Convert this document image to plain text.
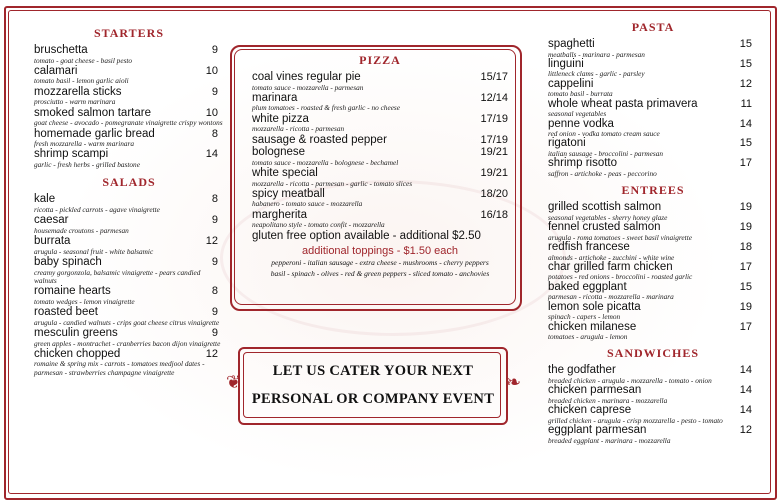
STARTERS
bruschetta	9
tomato - goat cheese - basil pesto
calamari	10
tomato basil - lemon garlic aioli
mozzarella sticks	9
prosciutto - warm marinara
smoked salmon tartare	10
goat cheese - avocado - pomegranate vinaigrette crispy wontons
homemade garlic bread	8
fresh mozzarella - warm marinara
shrimp scampi	14
garlic - fresh herbs - grilled bastone
SALADS
kale	8
ricotta - pickled carrots - agave vinaigrette
caesar	9
housemade croutons - parmesan
burrata	12
arugula - seasonal fruit - white balsamic
baby spinach	9
creamy gorgonzola, balsamic vinaigrette - pears candied walnuts
romaine hearts	8
tomato wedges - lemon vinaigrette
roasted beet	9
arugula - candied walnuts - crips goat cheese citrus vinaigrette
mesculin greens	9
green apples - montrachet - cranberries bacon dijon vinaigrette
chicken chopped	12
romaine & spring mix - carrots - tomatoes medjool dates - parmesan - strawberries champagne vinaigrette
PIZZA
coal vines regular pie	15/17
tomato sauce - mozzarella - parmesan
marinara	12/14
plum tomatoes - roasted & fresh garlic - no cheese
white pizza	17/19
mozzarella - ricotta - parmesan
sausage & roasted pepper	17/19
bolognese	19/21
tomato sauce - mozzarella - bolognese - bechamel
white special	19/21
mozzarella - ricotta - parmesan - garlic - tomato slices
spicy meatball	18/20
habanero - tomato sauce - mozzarella
margherita	16/18
neapolitano style - tomato confit - mozzarella
gluten free option available - additional $2.50
additional toppings - $1.50 each
pepperoni - italian sausage - extra cheese - mushrooms - cherry peppers
basil - spinach - olives - red & green peppers - sliced tomato - anchovies
LET US CATER YOUR NEXT
PERSONAL OR COMPANY EVENT
❦	❧
PASTA
spaghetti	15
meatballs - marinara - parmesan
linguini	15
littleneck clams - garlic - parsley
cappelini	12
tomato basil - burrata
whole wheat pasta primavera	11
seasonal vegetables
penne vodka	14
red onion - vodka tomato cream sauce
rigatoni	15
italian sausage - broccolini - parmesan
shrimp risotto	17
saffron - artichoke - peas - peccorino
ENTREES
grilled scottish salmon	19
seasonal vegetables - sherry honey glaze
fennel crusted salmon	19
arugula - roma tomatoes - sweet basil vinaigrette
redfish francese	18
almonds - artichoke - zucchini - white wine
char grilled farm chicken	17
potatoes - red onions - broccolini - roasted garlic
baked eggplant	15
parmesan - ricotta - mozzarella - marinara
lemon sole picatta	19
spinach - capers - lemon
chicken milanese	17
tomatoes - arugula - lemon
SANDWICHES
the godfather	14
breaded chicken - arugula - mozzarella - tomato - onion
chicken parmesan	14
breaded chicken - marinara - mozzarella
chicken caprese	14
grilled chicken - arugula - crisp mozzarella - pesto - tomato
eggplant parmesan	12
breaded eggplant - marinara - mozzarella
